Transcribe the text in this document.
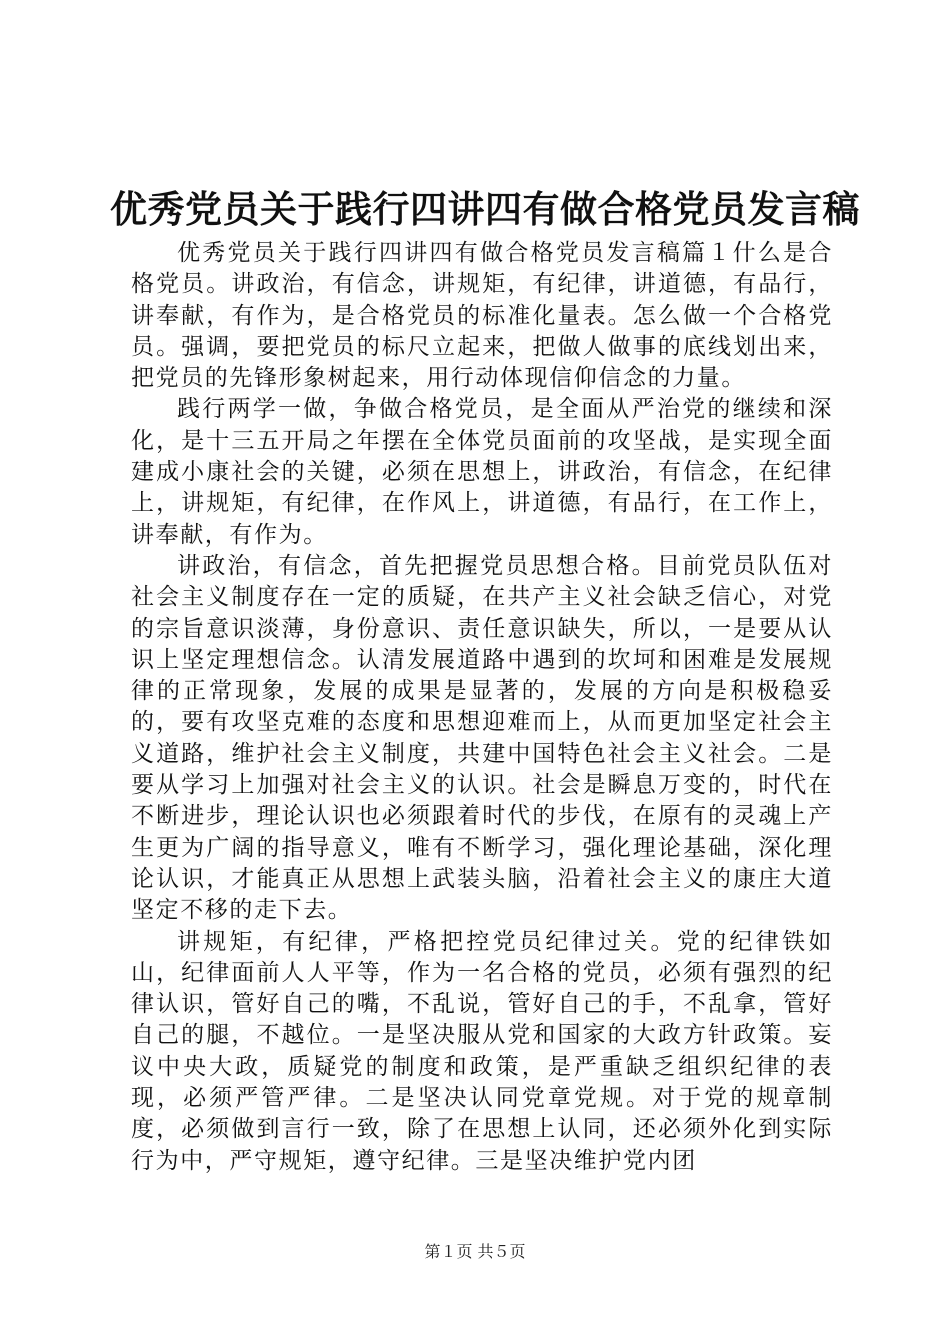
优秀党员关于践行四讲四有做合格党员发言稿

优秀党员关于践行四讲四有做合格党员发言稿篇１什么是合格党员。讲政治，有信念，讲规矩，有纪律，讲道德，有品行，讲奉献，有作为，是合格党员的标准化量表。怎么做一个合格党员。强调，要把党员的标尺立起来，把做人做事的底线划出来，把党员的先锋形象树起来，用行动体现信仰信念的力量。

践行两学一做，争做合格党员，是全面从严治党的继续和深化，是十三五开局之年摆在全体党员面前的攻坚战，是实现全面建成小康社会的关键，必须在思想上，讲政治，有信念，在纪律上，讲规矩，有纪律，在作风上，讲道德，有品行，在工作上，讲奉献，有作为。

讲政治，有信念，首先把握党员思想合格。目前党员队伍对社会主义制度存在一定的质疑，在共产主义社会缺乏信心，对党的宗旨意识淡薄，身份意识、责任意识缺失，所以，一是要从认识上坚定理想信念。认清发展道路中遇到的坎坷和困难是发展规律的正常现象，发展的成果是显著的，发展的方向是积极稳妥的，要有攻坚克难的态度和思想迎难而上，从而更加坚定社会主义道路，维护社会主义制度，共建中国特色社会主义社会。二是要从学习上加强对社会主义的认识。社会是瞬息万变的，时代在不断进步，理论认识也必须跟着时代的步伐，在原有的灵魂上产生更为广阔的指导意义，唯有不断学习，强化理论基础，深化理论认识，才能真正从思想上武装头脑，沿着社会主义的康庄大道坚定不移的走下去。

讲规矩，有纪律，严格把控党员纪律过关。党的纪律铁如山，纪律面前人人平等，作为一名合格的党员，必须有强烈的纪律认识，管好自己的嘴，不乱说，管好自己的手，不乱拿，管好自己的腿，不越位。一是坚决服从党和国家的大政方针政策。妄议中央大政，质疑党的制度和政策，是严重缺乏组织纪律的表现，必须严管严律。二是坚决认同党章党规。对于党的规章制度，必须做到言行一致，除了在思想上认同，还必须外化到实际行为中，严守规矩，遵守纪律。三是坚决维护党内团

第１页 共５页
